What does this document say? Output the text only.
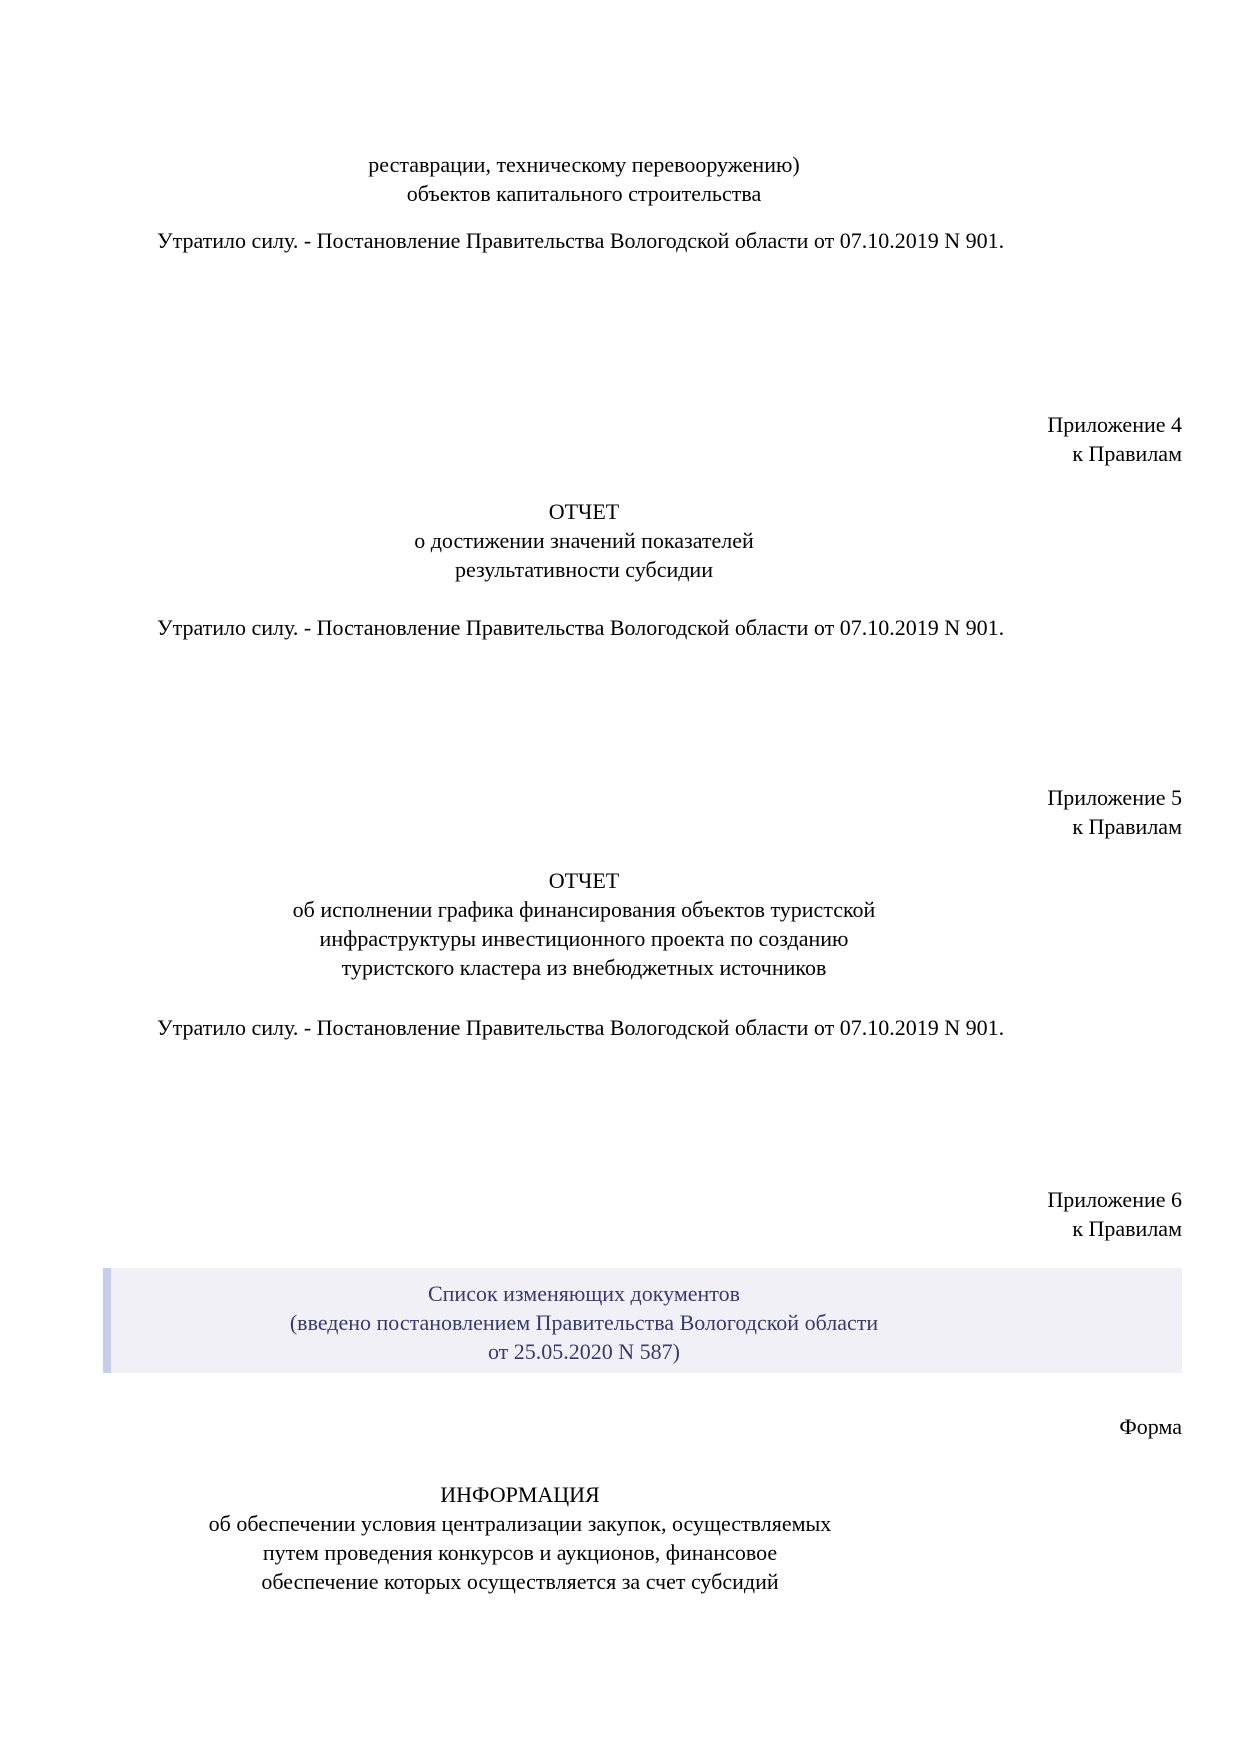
реставрации, техническому перевооружению)
объектов капитального строительства
Утратило силу. - Постановление Правительства Вологодской области от 07.10.2019 N 901.
Приложение 4
к Правилам
ОТЧЕТ
о достижении значений показателей
результативности субсидии
Утратило силу. - Постановление Правительства Вологодской области от 07.10.2019 N 901.
Приложение 5
к Правилам
ОТЧЕТ
об исполнении графика финансирования объектов туристской
инфраструктуры инвестиционного проекта по созданию
туристского кластера из внебюджетных источников
Утратило силу. - Постановление Правительства Вологодской области от 07.10.2019 N 901.
Приложение 6
к Правилам
Список изменяющих документов
(введено постановлением Правительства Вологодской области
от 25.05.2020 N 587)
Форма
ИНФОРМАЦИЯ
об обеспечении условия централизации закупок, осуществляемых
путем проведения конкурсов и аукционов, финансовое
обеспечение которых осуществляется за счет субсидий
